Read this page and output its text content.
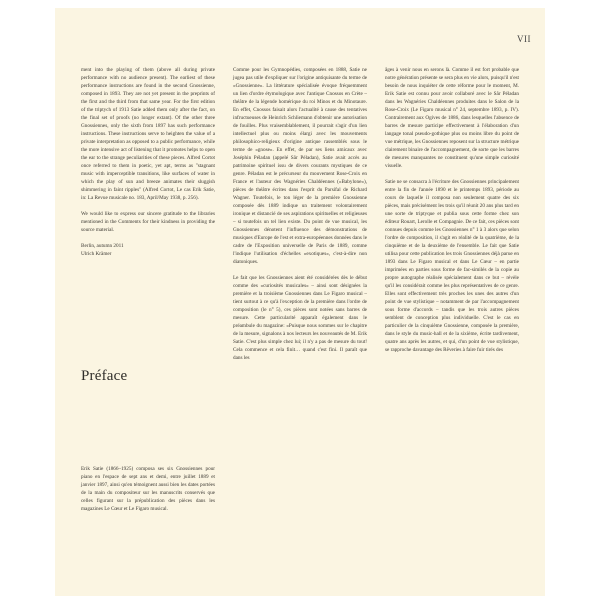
VII

ment into the playing of them (above all during private performance with no audience present). The earliest of these performance instructions are found in the second Gnossienne, composed in 1893. They are not yet present in the preprints of the first and the third from that same year. For the first edition of the triptych of 1913 Satie added them only after the fact, on the final set of proofs (no longer extant). Of the other three Gnossiennes, only the sixth from 1897 has such performance instructions. These instructions serve to heighten the value of a private interpretation as opposed to a public performance, while the more intensive act of listening that it promotes helps to open the ear to the strange peculiarities of these pieces. Alfred Cortot once referred to them in poetic, yet apt, terms as "stagnant music with imperceptible transitions, like surfaces of water in which the play of sun and breeze animates their sluggish shimmering in faint ripples" (Alfred Cortot, Le cas Erik Satie, in: La Revue musicale no. 183, April/May 1938, p. 256).

We would like to express our sincere gratitude to the libraries mentioned in the Comments for their kindness in providing the source material.

Berlin, autumn 2011
Ulrich Krämer
Préface

Erik Satie (1866–1925) composa ses six Gnossiennes pour piano en l'espace de sept ans et demi, entre juillet 1889 et janvier 1897, ainsi qu'en témoignent aussi bien les dates portées de la main du compositeur sur les manuscrits conservés que celles figurant sur la prépublication des pièces dans les magazines Le Cœur et Le Figaro musical.

Comme pour les Gymnopédies, composées en 1888, Satie ne jugea pas utile d'expliquer sur l'origine antiquisante du terme de «Gnossienne». La littérature spécialisée évoque fréquemment un lien d'ordre étymologique avec l'antique Cnossos en Crète – théâtre de la légende homérique du roi Minos et du Minotaure. En effet, Cnossos faisait alors l'actualité à cause des tentatives infructueuses de Heinrich Schliemann d'obtenir une autorisation de fouilles. Plus vraisemblablement, il pourrait s'agir d'un lien intellectuel plus ou moins élargi avec les mouvements philosophico-religieux d'origine antique rassemblés sous le terme de «gnose». En effet, de par ses liens amicaux avec Joséphin Péladan (appelé Sâr Péladan), Satie avait accès au patrimoine spirituel issu de divers courants mystiques de ce genre. Péladan est le précurseur du mouvement Rose-Croix en France et l'auteur des Wagnéries Chaldéennes («Babylone»), pièces de théâtre écrites dans l'esprit du Parsifal de Richard Wagner. Toutefois, le ton léger de la première Gnossienne composée dès 1889 indique un traitement volontairement ironique et distancié de ses aspirations spirituelles et religieuses – si toutefois un tel lien existe. Du point de vue musical, les Gnossiennes dénotent l'influence des démonstrations de musiques d'Europe de l'est et extra-européennes données dans le cadre de l'Exposition universelle de Paris de 1889, comme l'indique l'utilisation d'échelles «exotiques», c'est-à-dire non diatoniques.

Le fait que les Gnossiennes aient été considérées dès le début comme des «curiosités musicales» – ainsi sont désignées la première et la troisième Gnossiennes dans Le Figaro musical – tient surtout à ce qu'à l'exception de la première dans l'ordre de composition (le n° 5), ces pièces sont notées sans barres de mesure. Cette particularité apparaît également dans le préambule du magazine: «Puisque nous sommes sur le chapitre de la mesure, signalons à nos lecteurs les nouveautés de M. Erik Satie. C'est plus simple chez lui; il n'y a pas de mesure du tout! Cela commence et cela finit… quand c'est fini. Il paraît que dans les

âges à venir nous en serons là. Comme il est fort probable que notre génération présente se sera plus en vie alors, puisqu'il n'est besoin de nous inquiéter de cette réforme pour le moment, M. Erik Satie est connu pour avoir collaboré avec le Sâr Péladan dans les Wagnéries Chaldéennes produites dans le Salon de la Rose-Croix (Le Figaro musical n° 24, septembre 1893, p. IV). Contrairement aux Ogives de 1886, dans lesquelles l'absence de barres de mesure participe effectivement à l'élaboration d'un langage tonal pseudo-gothique plus ou moins libre du point de vue métrique, les Gnossiennes reposent sur la structure métrique clairement binaire de l'accompagnement, de sorte que les barres de mesures manquantes ne constituent qu'une simple curiosité visuelle.

Satie ne se consacra à l'écriture des Gnossiennes principalement entre la fin de l'année 1890 et le printemps 1893, période au cours de laquelle il composa non seulement quatre des six pièces, mais précisément les trois qu'il réunit 20 ans plus tard en une sorte de triptyque et publia sous cette forme chez son éditeur Rouart, Lerolle et Compagnie. De ce fait, ces pièces sont connues depuis comme les Gnossiennes n° 1 à 3 alors que selon l'ordre de composition, il s'agit en réalité de la quatrième, de la cinquième et de la deuxième de l'ensemble. Le fait que Satie utilisa pour cette publication les trois Gnossiennes déjà parue en 1893 dans Le Figaro musical et dans Le Cœur – en partie imprimées en parties sous forme de fac-similés de la copie au propre autographe réalisée spécialement dans ce but – révèle qu'il les considérait comme les plus représentatives de ce genre. Elles sont effectivement très proches les unes des autres d'un point de vue stylistique – notamment de par l'accompagnement sous forme d'accords – tandis que les trois autres pièces semblent de conception plus individuelle. C'est le cas en particulier de la cinquième Gnossienne, composée la première, dans le style du music-hall et de la sixième, écrite tardivement, quatre ans après les autres, et qui, d'un point de vue stylistique, se rapproche davantage des Rêveries à faire fuir tirés des
